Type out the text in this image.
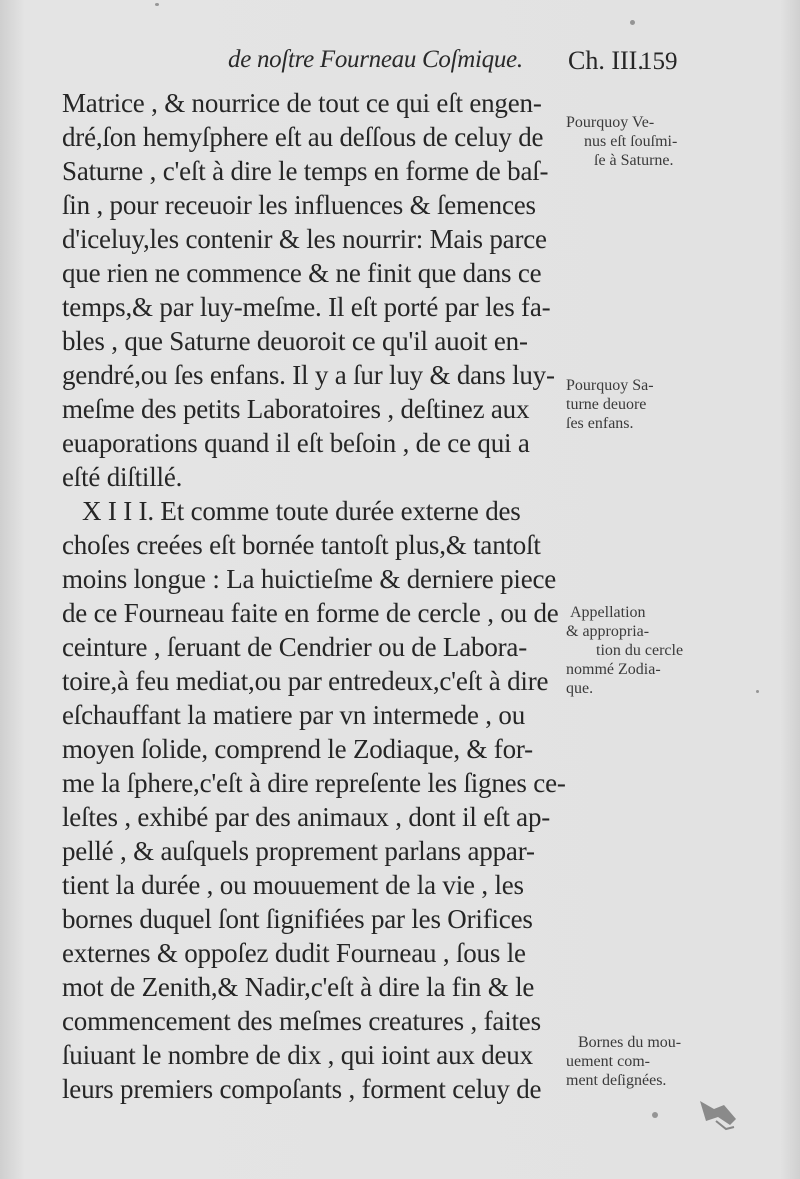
de noſtre Fourneau Coſmique. Ch. III.
159
Matrice , & nourrice de tout ce qui eſt engen-
dré,ſon hemyſphere eſt au deſſous de celuy de
Saturne , c'eſt à dire le temps en forme de baſ-
ſin , pour receuoir les influences & ſemences
d'iceluy,les contenir & les nourrir: Mais parce
que rien ne commence & ne finit que dans ce
temps,& par luy-meſme. Il eſt porté par les fa-
bles , que Saturne deuoroit ce qu'il auoit en-
gendré,ou ſes enfans. Il y a ſur luy & dans luy-
meſme des petits Laboratoires , deſtinez aux
euaporations quand il eſt beſoin , de ce qui a
eſté diſtillé.
X I I I. Et comme toute durée externe des
choſes creées eſt bornée tantoſt plus,& tantoſt
moins longue : La huictieſme & derniere piece
de ce Fourneau faite en forme de cercle , ou de
ceinture , ſeruant de Cendrier ou de Labora-
toire,à feu mediat,ou par entredeux,c'eſt à dire
eſchauffant la matiere par vn intermede , ou
moyen ſolide, comprend le Zodiaque, & for-
me la ſphere,c'eſt à dire repreſente les ſignes ce-
leſtes , exhibé par des animaux , dont il eſt ap-
pellé , & auſquels proprement parlans appar-
tient la durée , ou mouuement de la vie , les
bornes duquel ſont ſignifiées par les Orifices
externes & oppoſez dudit Fourneau , ſous le
mot de Zenith,& Nadir,c'eſt à dire la fin & le
commencement des meſmes creatures , faites
ſuiuant le nombre de dix , qui ioint aux deux
leurs premiers compoſants , forment celuy de
Pourquoy Ve-
nus eſt ſouſmi-
ſe à Saturne.
Pourquoy Sa-
turne deuore
ſes enfans.
Appellation
& appropria-
tion du cercle
nommé Zodia-
que.
Bornes du mou-
uement com-
ment deſignées.
